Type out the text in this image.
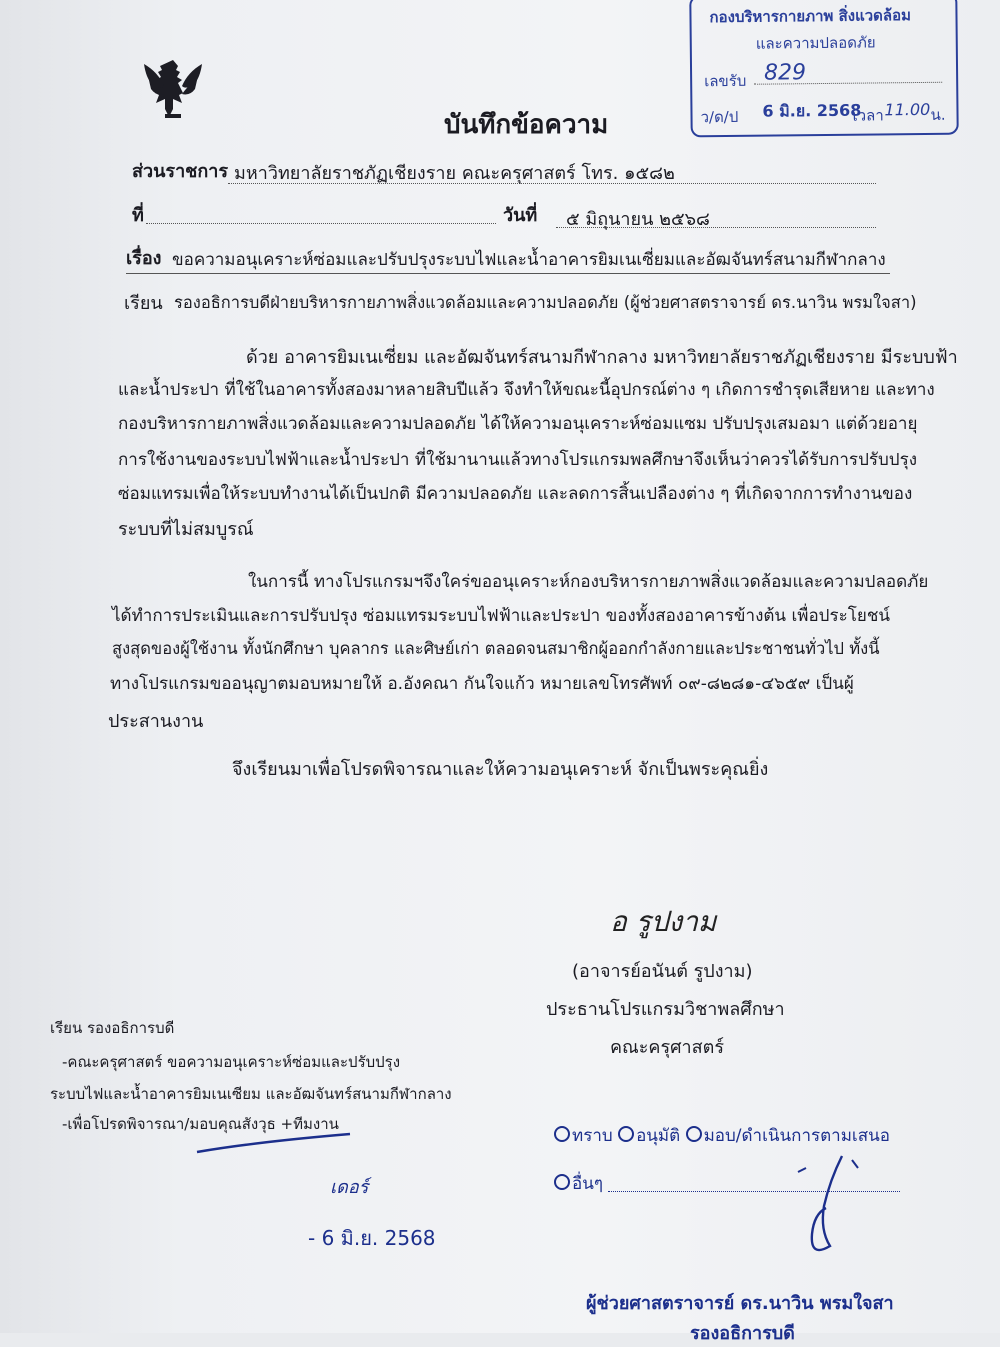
กองบริหารกายภาพ สิ่งแวดล้อม
และความปลอดภัย
เลขรับ 829
ว/ด/ป 6 มิ.ย. 2568
เวลา 11.00 น.
บันทึกข้อความ
ส่วนราชการ มหาวิทยาลัยราชภัฏเชียงราย คณะครุศาสตร์ โทร. ๑๕๘๒
ที่	วันที่ ๕ มิถุนายน ๒๕๖๘
เรื่อง ขอความอนุเคราะห์ซ่อมและปรับปรุงระบบไฟและน้ำอาคารยิมเนเซี่ยมและอัฒจันทร์สนามกีฬากลาง
เรียน รองอธิการบดีฝ่ายบริหารกายภาพสิ่งแวดล้อมและความปลอดภัย (ผู้ช่วยศาสตราจารย์ ดร.นาวิน พรมใจสา)
ด้วย อาคารยิมเนเซี่ยม และอัฒจันทร์สนามกีฬากลาง มหาวิทยาลัยราชภัฏเชียงราย มีระบบฟ้า
และน้ำประปา ที่ใช้ในอาคารทั้งสองมาหลายสิบปีแล้ว จึงทำให้ขณะนี้อุปกรณ์ต่าง ๆ เกิดการชำรุดเสียหาย และทาง
กองบริหารกายภาพสิ่งแวดล้อมและความปลอดภัย ได้ให้ความอนุเคราะห์ซ่อมแซม ปรับปรุงเสมอมา แต่ด้วยอายุ
การใช้งานของระบบไฟฟ้าและน้ำประปา ที่ใช้มานานแล้วทางโปรแกรมพลศึกษาจึงเห็นว่าควรได้รับการปรับปรุง
ซ่อมแทรมเพื่อให้ระบบทำงานได้เป็นปกติ มีความปลอดภัย และลดการสิ้นเปลืองต่าง ๆ ที่เกิดจากการทำงานของ
ระบบที่ไม่สมบูรณ์
ในการนี้ ทางโปรแกรมฯจึงใคร่ขออนุเคราะห์กองบริหารกายภาพสิ่งแวดล้อมและความปลอดภัย
ได้ทำการประเมินและการปรับปรุง ซ่อมแทรมระบบไฟฟ้าและประปา ของทั้งสองอาคารข้างต้น เพื่อประโยชน์
สูงสุดของผู้ใช้งาน ทั้งนักศึกษา บุคลากร และศิษย์เก่า ตลอดจนสมาชิกผู้ออกกำลังกายและประชาชนทั่วไป ทั้งนี้
ทางโปรแกรมขออนุญาตมอบหมายให้ อ.อังคณา กันใจแก้ว หมายเลขโทรศัพท์ ๐๙-๘๒๘๑-๔๖๕๙ เป็นผู้
ประสานงาน
จึงเรียนมาเพื่อโปรดพิจารณาและให้ความอนุเคราะห์ จักเป็นพระคุณยิ่ง
อ รูปงาม
(อาจารย์อนันต์ รูปงาม)
ประธานโปรแกรมวิชาพลศึกษา
คณะครุศาสตร์
เรียน รองอธิการบดี
-คณะครุศาสตร์ ขอความอนุเคราะห์ซ่อมและปรับปรุง
ระบบไฟและน้ำอาคารยิมเนเซียม และอัฒจันทร์สนามกีฬากลาง
-เพื่อโปรดพิจารณา/มอบคุณสังวุธ +ทีมงาน
เดอร์
- 6 มิ.ย. 2568
ทราบ อนุมัติ มอบ/ดำเนินการตามเสนอ
อื่นๆ
ผู้ช่วยศาสตราจารย์ ดร.นาวิน พรมใจสา
รองอธิการบดี
